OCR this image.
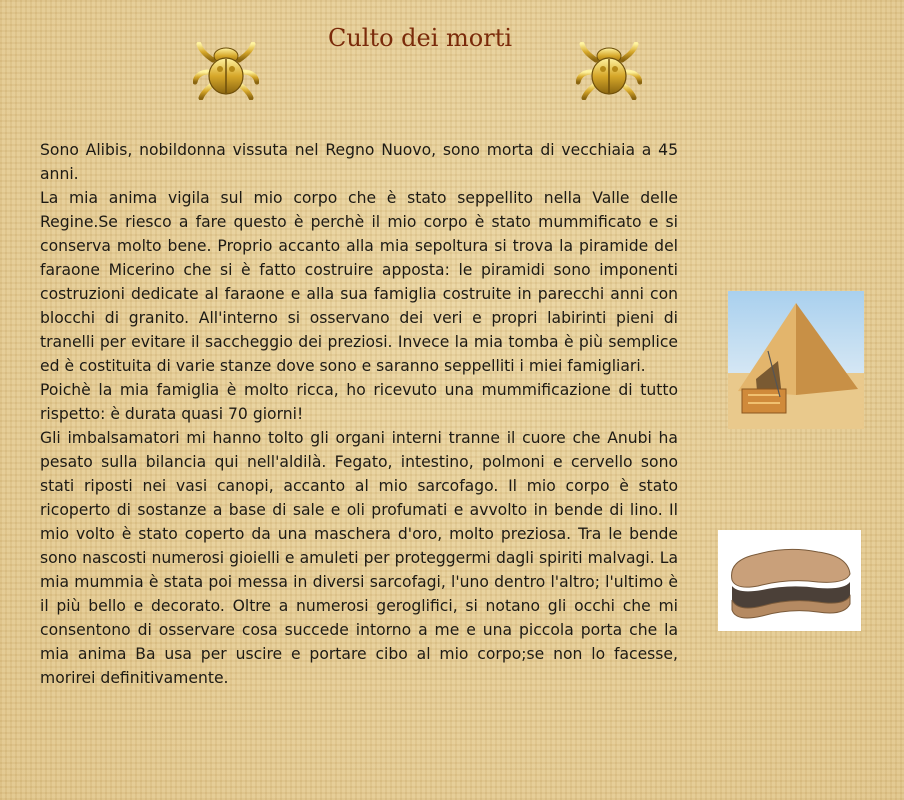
Culto dei morti

Sono Alibis, nobildonna vissuta nel Regno Nuovo, sono morta di vecchiaia a 45 anni.

La mia anima vigila sul mio corpo che è stato seppellito nella Valle delle Regine.Se riesco a fare questo è perchè il mio corpo è stato mummificato e si conserva molto bene. Proprio accanto alla mia sepoltura si trova la piramide del faraone Micerino che si è fatto costruire apposta: le piramidi sono imponenti costruzioni dedicate al faraone e alla sua famiglia costruite in parecchi anni con blocchi di granito. All'interno si osservano dei veri e propri labirinti pieni di tranelli per evitare il saccheggio dei preziosi. Invece la mia tomba è più semplice ed è costituita di varie stanze dove sono e saranno seppelliti i miei famigliari.

Poichè la mia famiglia è molto ricca, ho ricevuto una mummificazione di tutto rispetto: è durata quasi 70 giorni!

Gli imbalsamatori mi hanno tolto gli organi interni tranne il cuore che Anubi ha pesato sulla bilancia qui nell'aldilà. Fegato, intestino, polmoni e cervello sono stati riposti nei vasi canopi, accanto al mio sarcofago. Il mio corpo è stato ricoperto di sostanze a base di sale e oli profumati e avvolto in bende di lino. Il mio volto è stato coperto da una maschera d'oro, molto preziosa. Tra le bende sono nascosti numerosi gioielli e amuleti per proteggermi dagli spiriti malvagi. La mia mummia è stata poi messa in diversi sarcofagi, l'uno dentro l'altro; l'ultimo è il più bello e decorato. Oltre a numerosi geroglifici, si notano gli occhi che mi consentono di osservare cosa succede intorno a me e una piccola porta che la mia anima Ba usa per uscire e portare cibo al mio corpo;se non lo facesse, morirei definitivamente.
